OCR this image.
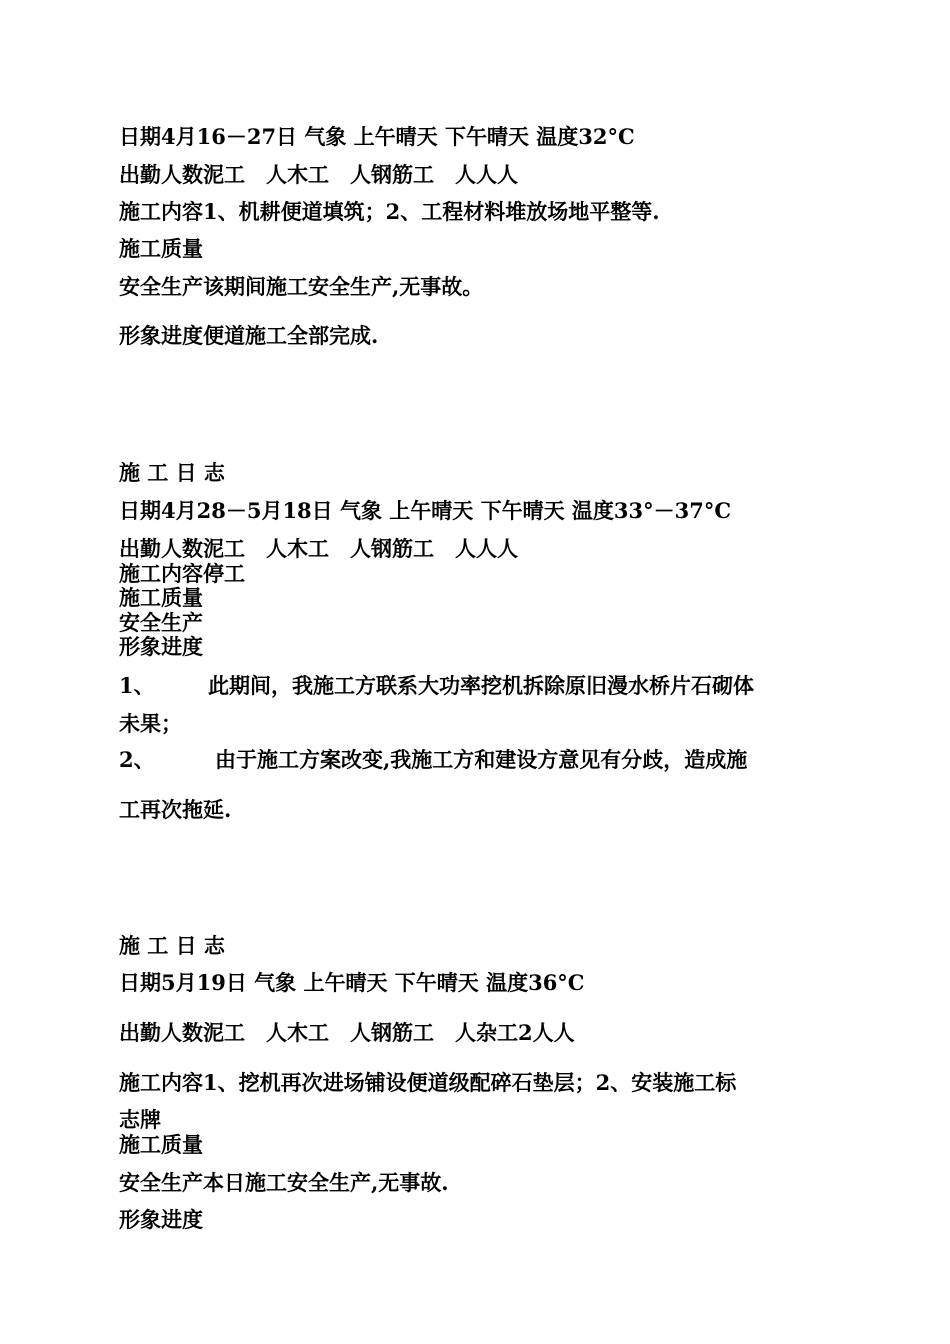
日期4月16－27日 气象 上午晴天 下午晴天 温度32°C
出勤人数泥工　人木工　人钢筋工　人人人
施工内容1、机耕便道填筑；2、工程材料堆放场地平整等.
施工质量
安全生产该期间施工安全生产,无事故。
形象进度便道施工全部完成.
施 工 日 志
日期4月28－5月18日 气象 上午晴天 下午晴天 温度33°－37°C
出勤人数泥工　人木工　人钢筋工　人人人
施工内容停工
施工质量
安全生产
形象进度
1、	此期间，我施工方联系大功率挖机拆除原旧漫水桥片石砌体
未果；
2、	由于施工方案改变,我施工方和建设方意见有分歧，造成施
工再次拖延.
施 工 日 志
日期5月19日 气象 上午晴天 下午晴天 温度36°C
出勤人数泥工　人木工　人钢筋工　人杂工2人人
施工内容1、挖机再次进场铺设便道级配碎石垫层；2、安装施工标
志牌
施工质量
安全生产本日施工安全生产,无事故.
形象进度
